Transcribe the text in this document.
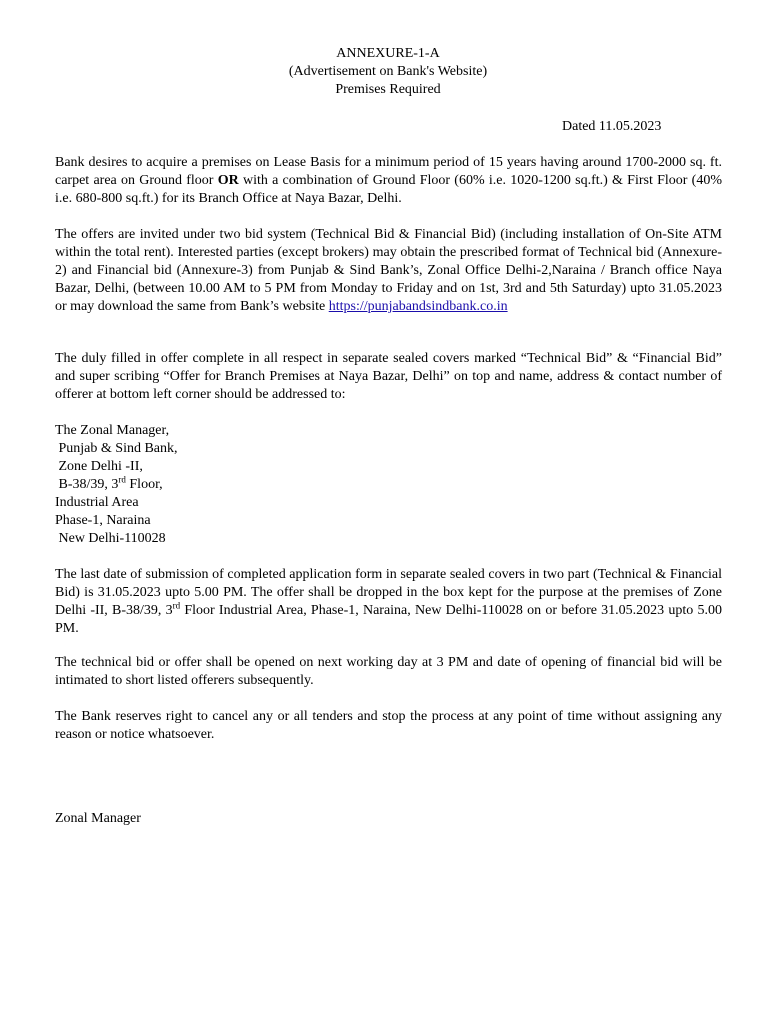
ANNEXURE-1-A
(Advertisement on Bank's Website)
Premises Required
Dated 11.05.2023
Bank desires to acquire a premises on Lease Basis for a minimum period of 15 years having around 1700-2000 sq. ft. carpet area on Ground floor OR with a combination of Ground Floor (60% i.e. 1020-1200 sq.ft.) & First Floor (40% i.e. 680-800 sq.ft.) for its Branch Office at Naya Bazar, Delhi.
The offers are invited under two bid system (Technical Bid & Financial Bid) (including installation of On-Site ATM within the total rent). Interested parties (except brokers) may obtain the prescribed format of Technical bid (Annexure-2) and Financial bid (Annexure-3) from Punjab & Sind Bank’s, Zonal Office Delhi-2,Naraina / Branch office Naya Bazar, Delhi, (between 10.00 AM to 5 PM from Monday to Friday and on 1st, 3rd and 5th Saturday) upto 31.05.2023 or may download the same from Bank’s website https://punjabandsindbank.co.in
The duly filled in offer complete in all respect in separate sealed covers marked “Technical Bid” & “Financial Bid” and super scribing “Offer for Branch Premises at Naya Bazar, Delhi” on top and name, address & contact number of offerer at bottom left corner should be addressed to:
The Zonal Manager,
Punjab & Sind Bank,
Zone Delhi -II,
B-38/39, 3rd Floor,
Industrial Area
Phase-1, Naraina
New Delhi-110028
The last date of submission of completed application form in separate sealed covers in two part (Technical & Financial Bid) is 31.05.2023 upto 5.00 PM. The offer shall be dropped in the box kept for the purpose at the premises of Zone Delhi -II, B-38/39, 3rd Floor Industrial Area, Phase-1, Naraina, New Delhi-110028 on or before 31.05.2023 upto 5.00 PM.
The technical bid or offer shall be opened on next working day at 3 PM and date of opening of financial bid will be intimated to short listed offerers subsequently.
The Bank reserves right to cancel any or all tenders and stop the process at any point of time without assigning any reason or notice whatsoever.
Zonal Manager
